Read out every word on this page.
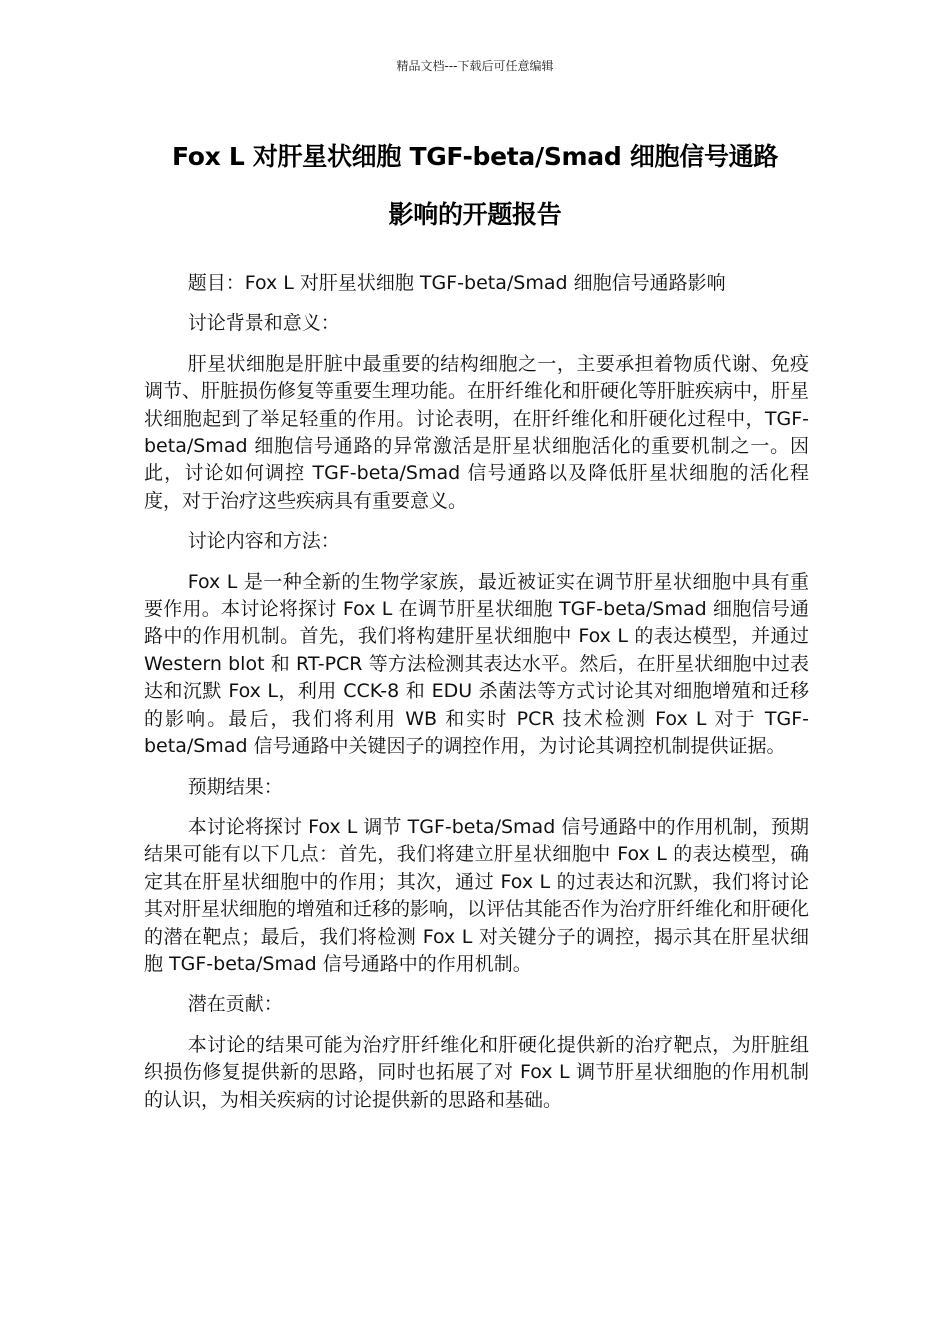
精品文档---下载后可任意编辑
Fox L 对肝星状细胞 TGF-beta/Smad 细胞信号通路
影响的开题报告

题目：Fox L 对肝星状细胞 TGF-beta/Smad 细胞信号通路影响

讨论背景和意义：

肝星状细胞是肝脏中最重要的结构细胞之一，主要承担着物质代谢、免疫调节、肝脏损伤修复等重要生理功能。在肝纤维化和肝硬化等肝脏疾病中，肝星状细胞起到了举足轻重的作用。讨论表明，在肝纤维化和肝硬化过程中，TGF-beta/Smad 细胞信号通路的异常激活是肝星状细胞活化的重要机制之一。因此，讨论如何调控 TGF-beta/Smad 信号通路以及降低肝星状细胞的活化程度，对于治疗这些疾病具有重要意义。

讨论内容和方法：

Fox L 是一种全新的生物学家族，最近被证实在调节肝星状细胞中具有重要作用。本讨论将探讨 Fox L 在调节肝星状细胞 TGF-beta/Smad 细胞信号通路中的作用机制。首先，我们将构建肝星状细胞中 Fox L 的表达模型，并通过 Western blot 和 RT-PCR 等方法检测其表达水平。然后，在肝星状细胞中过表达和沉默 Fox L，利用 CCK-8 和 EDU 杀菌法等方式讨论其对细胞增殖和迁移的影响。最后，我们将利用 WB 和实时 PCR 技术检测 Fox L 对于 TGF-beta/Smad 信号通路中关键因子的调控作用，为讨论其调控机制提供证据。

预期结果：

本讨论将探讨 Fox L 调节 TGF-beta/Smad 信号通路中的作用机制，预期结果可能有以下几点：首先，我们将建立肝星状细胞中 Fox L 的表达模型，确定其在肝星状细胞中的作用；其次，通过 Fox L 的过表达和沉默，我们将讨论其对肝星状细胞的增殖和迁移的影响，以评估其能否作为治疗肝纤维化和肝硬化的潜在靶点；最后，我们将检测 Fox L 对关键分子的调控，揭示其在肝星状细胞 TGF-beta/Smad 信号通路中的作用机制。

潜在贡献：

本讨论的结果可能为治疗肝纤维化和肝硬化提供新的治疗靶点，为肝脏组织损伤修复提供新的思路，同时也拓展了对 Fox L 调节肝星状细胞的作用机制的认识，为相关疾病的讨论提供新的思路和基础。
